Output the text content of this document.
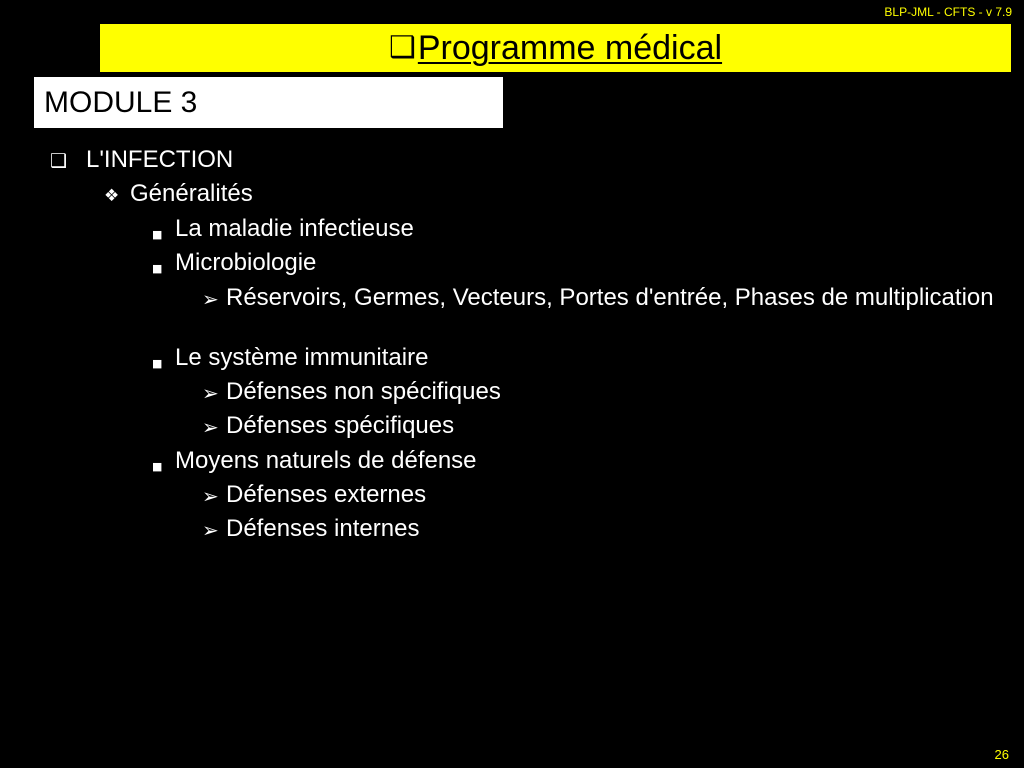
BLP-JML - CFTS - v 7.9
❑Programme médical
MODULE 3
❑ L'INFECTION
❖ Généralités
■ La maladie infectieuse
■ Microbiologie
➢ Réservoirs, Germes, Vecteurs, Portes d'entrée, Phases de multiplication
■ Le système immunitaire
➢ Défenses non spécifiques
➢ Défenses spécifiques
■ Moyens naturels de défense
➢ Défenses externes
➢ Défenses internes
26
